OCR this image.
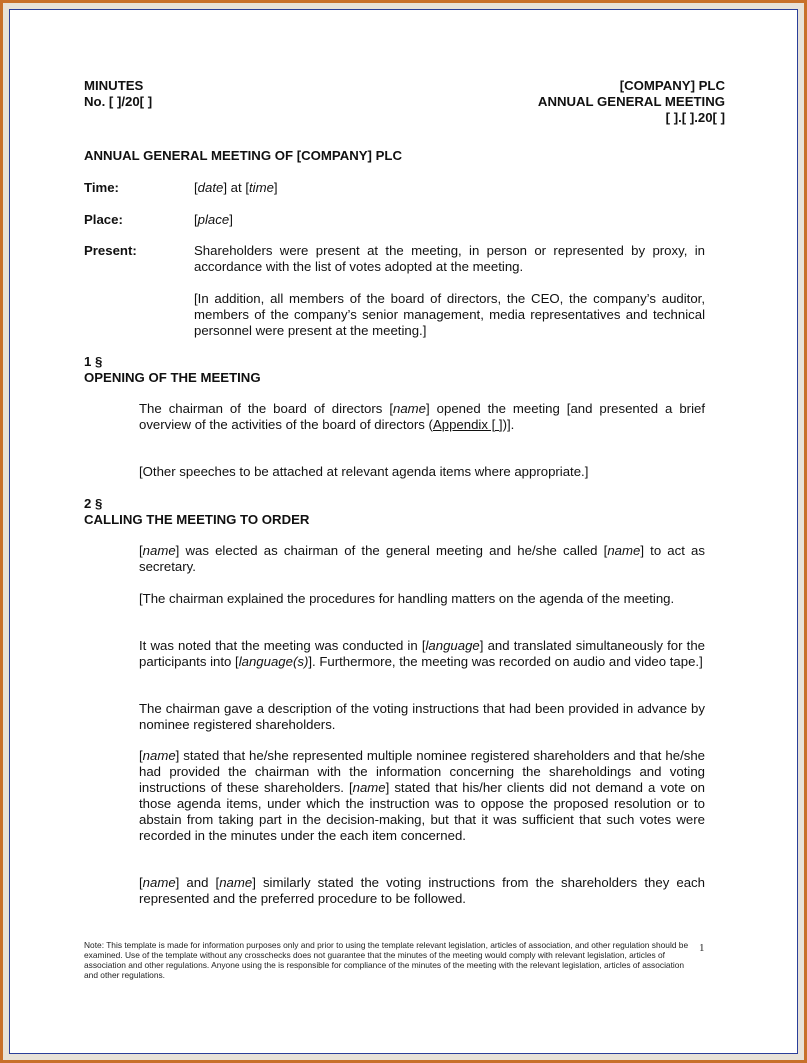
MINUTES
No. [ ]/20[ ]
[COMPANY] PLC
ANNUAL GENERAL MEETING
[ ].[ ].20[ ]
ANNUAL GENERAL MEETING OF [COMPANY] PLC
Time:	[date] at [time]
Place:	[place]
Present:	Shareholders were present at the meeting, in person or represented by proxy, in accordance with the list of votes adopted at the meeting.
[In addition, all members of the board of directors, the CEO, the company’s auditor, members of the company’s senior management, media representatives and technical personnel were present at the meeting.]
1 §
OPENING OF THE MEETING
The chairman of the board of directors [name] opened the meeting [and presented a brief overview of the activities of the board of directors (Appendix [ ])].
[Other speeches to be attached at relevant agenda items where appropriate.]
2 §
CALLING THE MEETING TO ORDER
[name] was elected as chairman of the general meeting and he/she called [name] to act as secretary.
[The chairman explained the procedures for handling matters on the agenda of the meeting.
It was noted that the meeting was conducted in [language] and translated simultaneously for the participants into [language(s)]. Furthermore, the meeting was recorded on audio and video tape.]
The chairman gave a description of the voting instructions that had been provided in advance by nominee registered shareholders.
[name] stated that he/she represented multiple nominee registered shareholders and that he/she had provided the chairman with the information concerning the shareholdings and voting instructions of these shareholders. [name] stated that his/her clients did not demand a vote on those agenda items, under which the instruction was to oppose the proposed resolution or to abstain from taking part in the decision-making, but that it was sufficient that such votes were recorded in the minutes under the each item concerned.
[name] and [name] similarly stated the voting instructions from the shareholders they each represented and the preferred procedure to be followed.
Note: This template is made for information purposes only and prior to using the template relevant legislation, articles of association, and other regulation should be examined. Use of the template without any crosschecks does not guarantee that the minutes of the meeting would comply with relevant legislation, articles of association and other regulations. Anyone using the is responsible for compliance of the minutes of the meeting with the relevant legislation, articles of association and other regulations.
1
